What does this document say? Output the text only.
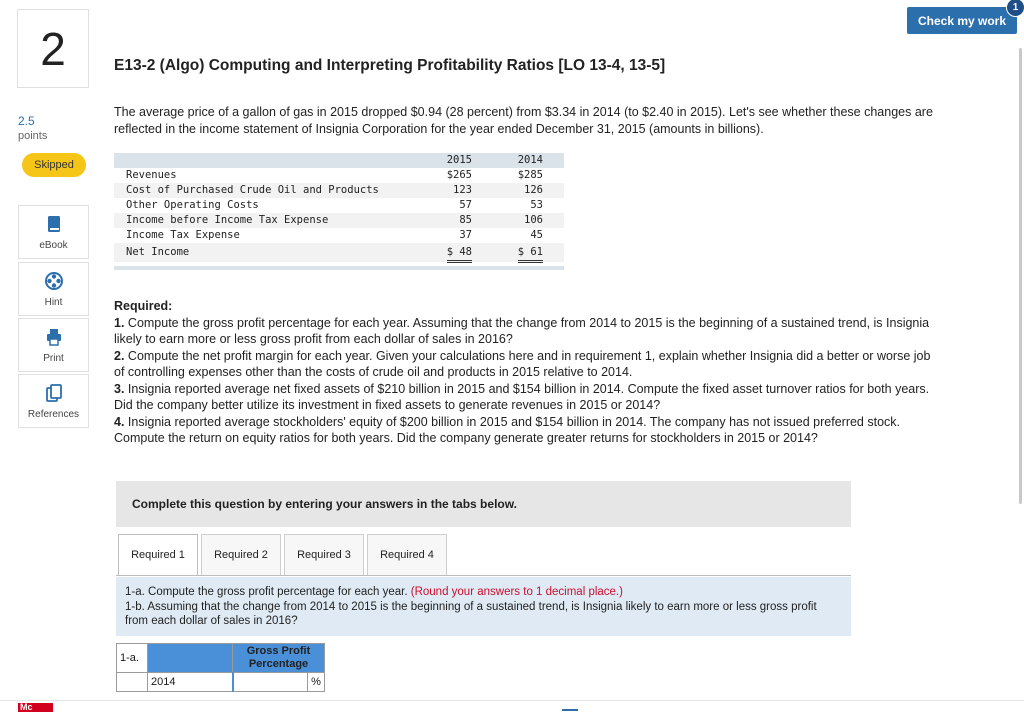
Check my work
1
2
2.5
points
Skipped
eBook
Hint
Print
References
E13-2 (Algo) Computing and Interpreting Profitability Ratios [LO 13-4, 13-5]
The average price of a gallon of gas in 2015 dropped $0.94 (28 percent) from $3.34 in 2014 (to $2.40 in 2015). Let's see whether these changes are reflected in the income statement of Insignia Corporation for the year ended December 31, 2015 (amounts in billions).
2015	2014
Revenues	$265	$285
Cost of Purchased Crude Oil and Products	123	126
Other Operating Costs	57	53
Income before Income Tax Expense	85	106
Income Tax Expense	37	45
Net Income	$ 48	$ 61
Required:
1. Compute the gross profit percentage for each year. Assuming that the change from 2014 to 2015 is the beginning of a sustained trend, is Insignia likely to earn more or less gross profit from each dollar of sales in 2016?
2. Compute the net profit margin for each year. Given your calculations here and in requirement 1, explain whether Insignia did a better or worse job of controlling expenses other than the costs of crude oil and products in 2015 relative to 2014.
3. Insignia reported average net fixed assets of $210 billion in 2015 and $154 billion in 2014. Compute the fixed asset turnover ratios for both years. Did the company better utilize its investment in fixed assets to generate revenues in 2015 or 2014?
4. Insignia reported average stockholders' equity of $200 billion in 2015 and $154 billion in 2014. The company has not issued preferred stock. Compute the return on equity ratios for both years. Did the company generate greater returns for stockholders in 2015 or 2014?
Complete this question by entering your answers in the tabs below.
Required 1	Required 2	Required 3	Required 4
1-a. Compute the gross profit percentage for each year. (Round your answers to 1 decimal place.)
1-b. Assuming that the change from 2014 to 2015 is the beginning of a sustained trend, is Insignia likely to earn more or less gross profit from each dollar of sales in 2016?
1-a.		Gross Profit Percentage	
	2014		%
Mc
